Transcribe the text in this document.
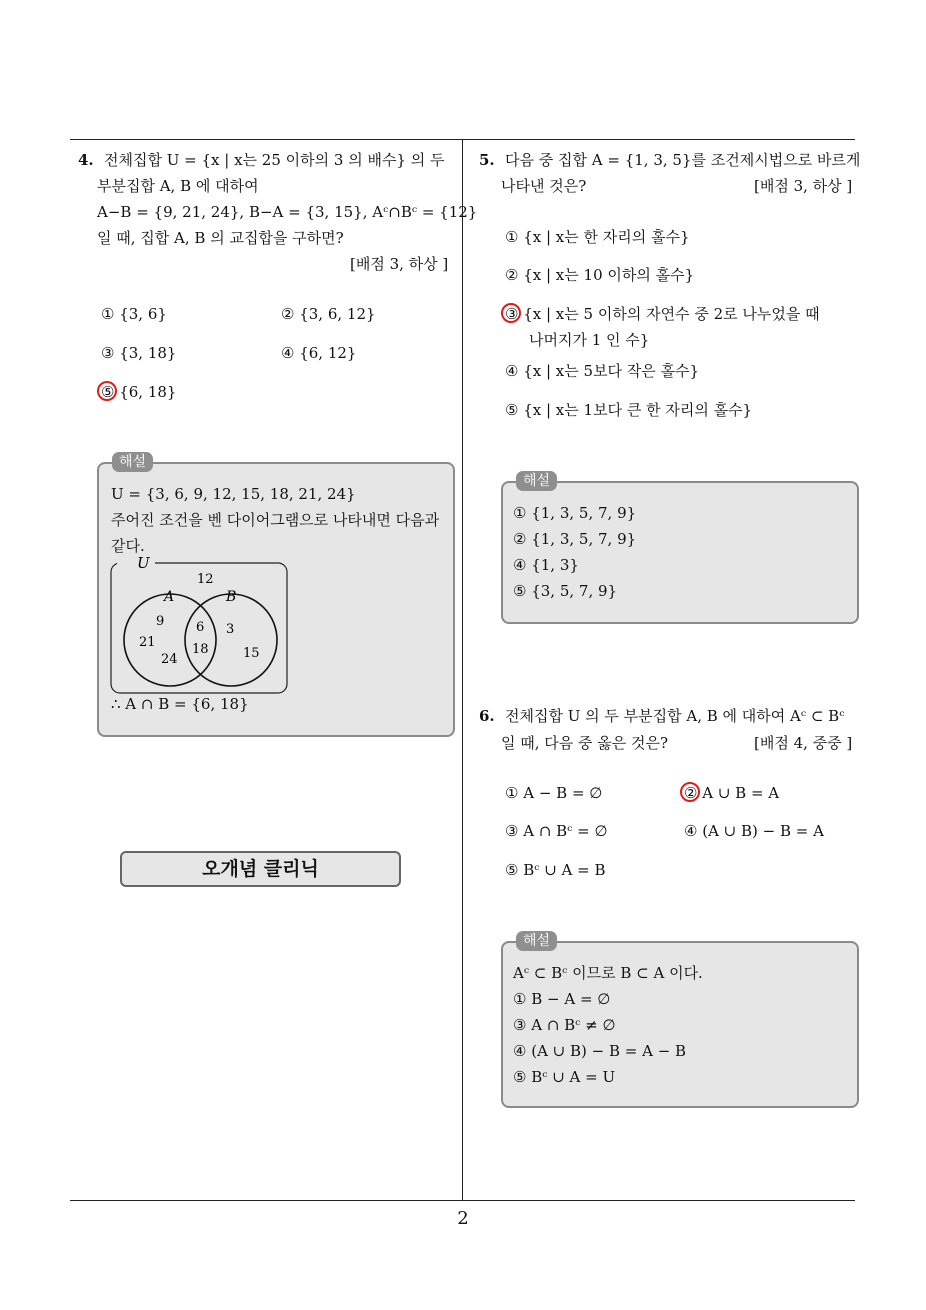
4. 전체집합 U = {x | x는 25 이하의 3 의 배수} 의 두
부분집합 A, B 에 대하여
A−B = {9, 21, 24}, B−A = {3, 15}, Aᶜ∩Bᶜ = {12}
일 때, 집합 A, B 의 교집합을 구하면?
[배점 3, 하상 ]
① {3, 6}	② {3, 6, 12}
③ {3, 18}	④ {6, 12}
⑤ {6, 18}
해설
U = {3, 6, 9, 12, 15, 18, 21, 24}
주어진 조건을 벤 다이어그램으로 나타내면 다음과
같다.
U
12
A	B
9
21
24
6
18
3
15
∴ A ∩ B = {6, 18}
오개념 클리닉
5. 다음 중 집합 A = {1, 3, 5}를 조건제시법으로 바르게
나타낸 것은?	[배점 3, 하상 ]
① {x | x는 한 자리의 홀수}
② {x | x는 10 이하의 홀수}
③ {x | x는 5 이하의 자연수 중 2로 나누었을 때
나머지가 1 인 수}
④ {x | x는 5보다 작은 홀수}
⑤ {x | x는 1보다 큰 한 자리의 홀수}
해설
① {1, 3, 5, 7, 9}
② {1, 3, 5, 7, 9}
④ {1, 3}
⑤ {3, 5, 7, 9}
6. 전체집합 U 의 두 부분집합 A, B 에 대하여 Aᶜ ⊂ Bᶜ
일 때, 다음 중 옳은 것은?	[배점 4, 중중 ]
① A − B = ∅	② A ∪ B = A
③ A ∩ Bᶜ = ∅	④ (A ∪ B) − B = A
⑤ Bᶜ ∪ A = B
해설
Aᶜ ⊂ Bᶜ 이므로 B ⊂ A 이다.
① B − A = ∅
③ A ∩ Bᶜ ≠ ∅
④ (A ∪ B) − B = A − B
⑤ Bᶜ ∪ A = U
2
